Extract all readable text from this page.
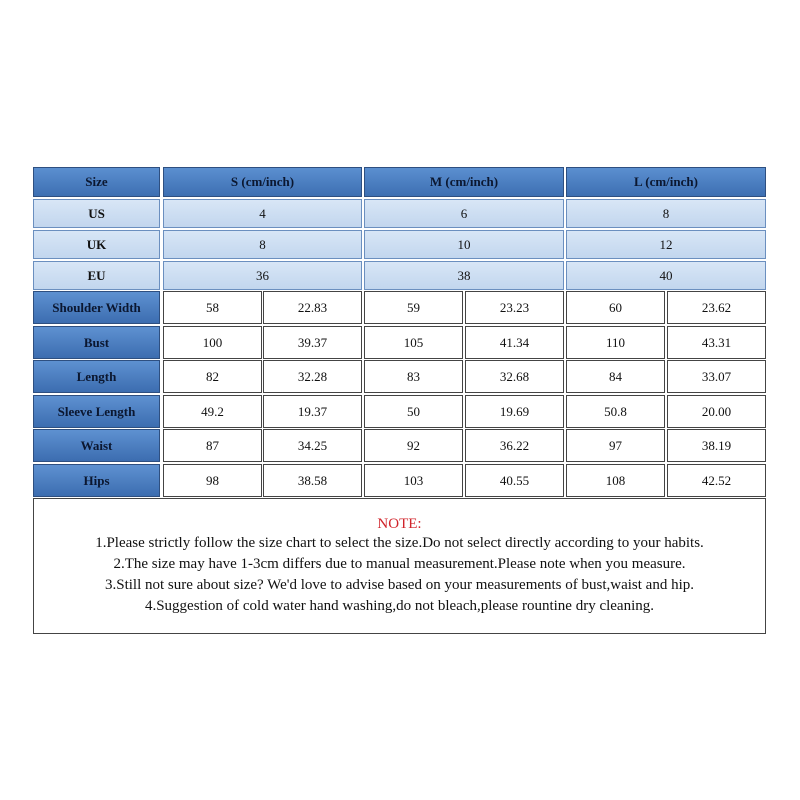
Size	S (cm/inch)	M (cm/inch)	L (cm/inch)
US	4	6	8
UK	8	10	12
EU	36	38	40
Shoulder Width	58	22.83	59	23.23	60	23.62
Bust	100	39.37	105	41.34	110	43.31
Length	82	32.28	83	32.68	84	33.07
Sleeve Length	49.2	19.37	50	19.69	50.8	20.00
Waist	87	34.25	92	36.22	97	38.19
Hips	98	38.58	103	40.55	108	42.52
NOTE:
1.Please strictly follow the size chart to select the size.Do not select directly according to your habits.
2.The size may have 1-3cm differs due to manual measurement.Please note when you measure.
3.Still not sure about size? We'd love to advise based on your measurements of bust,waist and hip.
4.Suggestion of cold water hand washing,do not bleach,please rountine dry cleaning.
